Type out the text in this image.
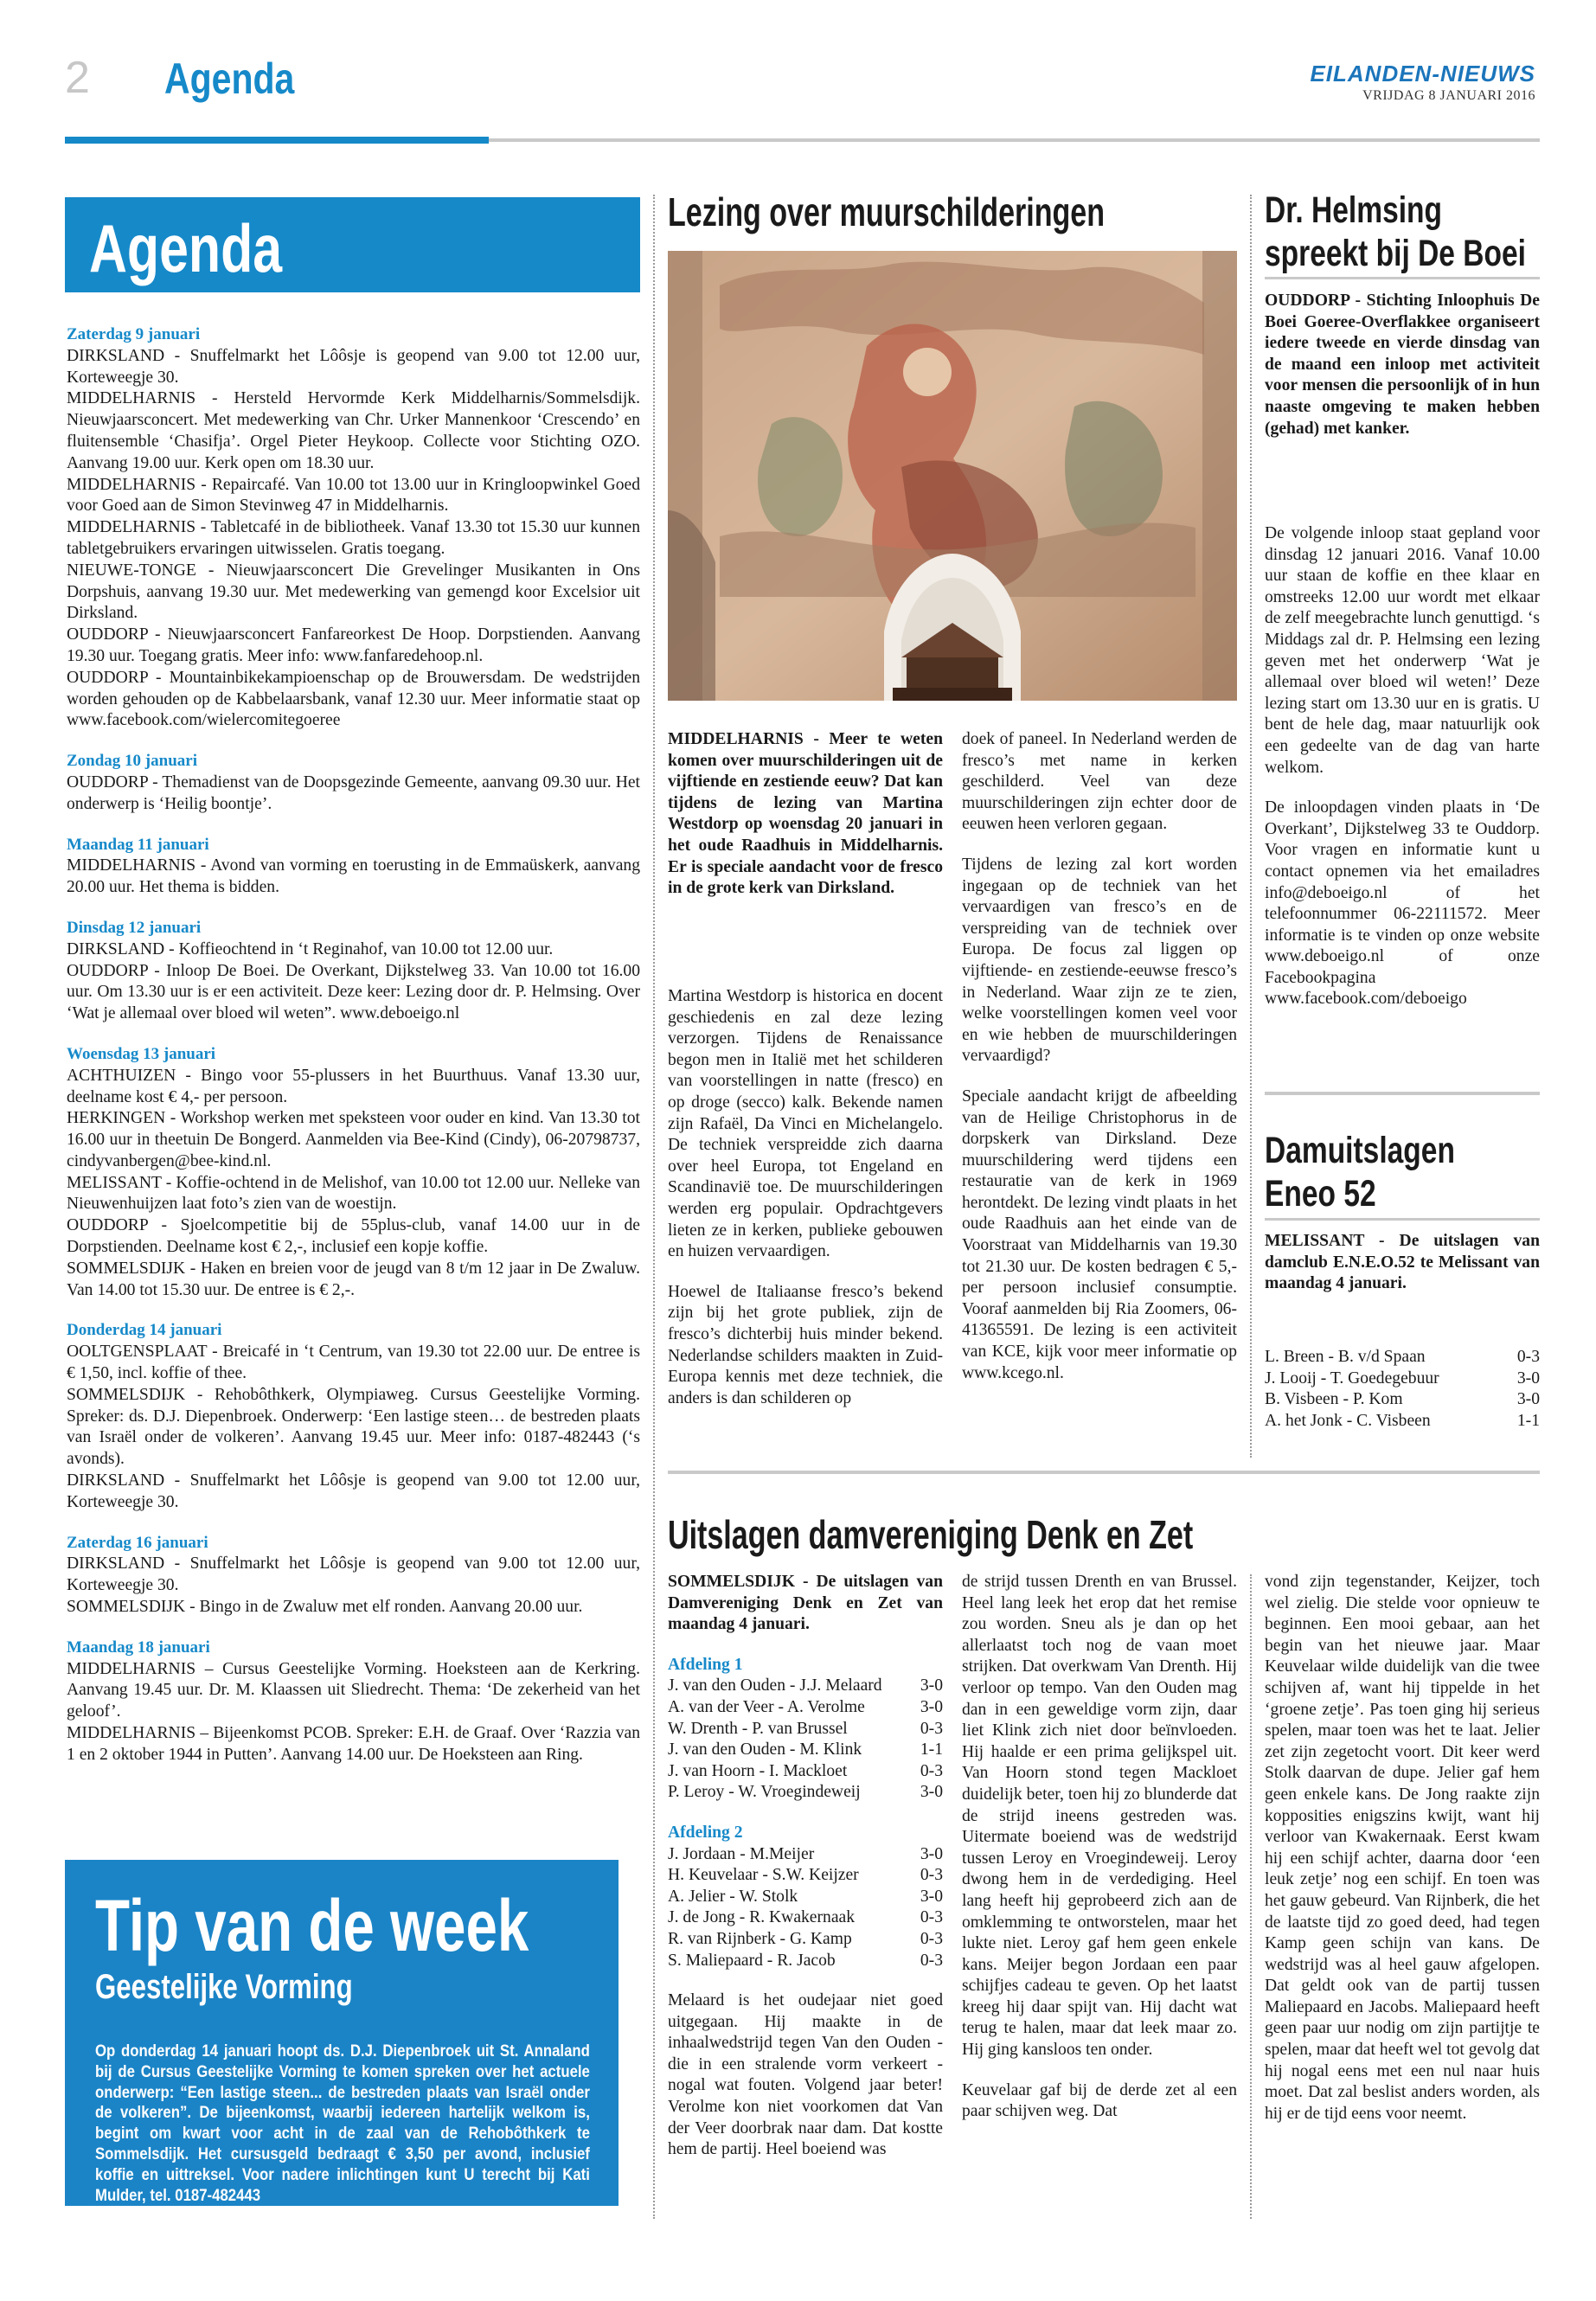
2 Agenda	EILANDEN-NIEUWS
VRIJDAG 8 JANUARI 2016
Agenda
Zaterdag 9 januari
DIRKSLAND - Snuffelmarkt het Lôôsje is geopend van 9.00 tot 12.00 uur, Korteweegje 30.
MIDDELHARNIS - Hersteld Hervormde Kerk Middelharnis/Sommelsdijk. Nieuwjaarsconcert. Met medewerking van Chr. Urker Mannenkoor ‘Crescendo’ en fluitensemble ‘Chasifja’. Orgel Pieter Heykoop. Collecte voor Stichting OZO. Aanvang 19.00 uur. Kerk open om 18.30 uur.
MIDDELHARNIS - Repaircafé. Van 10.00 tot 13.00 uur in Kringloopwinkel Goed voor Goed aan de Simon Stevinweg 47 in Middelharnis.
MIDDELHARNIS - Tabletcafé in de bibliotheek. Vanaf 13.30 tot 15.30 uur kunnen tabletgebruikers ervaringen uitwisselen. Gratis toegang.
NIEUWE-TONGE - Nieuwjaarsconcert Die Grevelinger Musikanten in Ons Dorpshuis, aanvang 19.30 uur. Met medewerking van gemengd koor Excelsior uit Dirksland.
OUDDORP - Nieuwjaarsconcert Fanfareorkest De Hoop. Dorpstienden. Aanvang 19.30 uur. Toegang gratis. Meer info: www.fanfaredehoop.nl.
OUDDORP - Mountainbikekampioenschap op de Brouwersdam. De wedstrijden worden gehouden op de Kabbelaarsbank, vanaf 12.30 uur. Meer informatie staat op www.facebook.com/wielercomitegoeree
Zondag 10 januari
OUDDORP - Themadienst van de Doopsgezinde Gemeente, aanvang 09.30 uur. Het onderwerp is ‘Heilig boontje’.
Maandag 11 januari
MIDDELHARNIS - Avond van vorming en toerusting in de Emmaüskerk, aanvang 20.00 uur. Het thema is bidden.
Dinsdag 12 januari
DIRKSLAND - Koffieochtend in ‘t Reginahof, van 10.00 tot 12.00 uur.
OUDDORP - Inloop De Boei. De Overkant, Dijkstelweg 33. Van 10.00 tot 16.00 uur. Om 13.30 uur is er een activiteit. Deze keer: Lezing door dr. P. Helmsing. Over ‘Wat je allemaal over bloed wil weten”. www.deboeigo.nl
Woensdag 13 januari
ACHTHUIZEN - Bingo voor 55-plussers in het Buurthuus. Vanaf 13.30 uur, deelname kost € 4,- per persoon.
HERKINGEN - Workshop werken met speksteen voor ouder en kind. Van 13.30 tot 16.00 uur in theetuin De Bongerd. Aanmelden via Bee-Kind (Cindy), 06-20798737, cindyvanbergen@bee-kind.nl.
MELISSANT - Koffie-ochtend in de Melishof, van 10.00 tot 12.00 uur. Nelleke van Nieuwenhuijzen laat foto’s zien van de woestijn.
OUDDORP - Sjoelcompetitie bij de 55plus-club, vanaf 14.00 uur in de Dorpstienden. Deelname kost € 2,-, inclusief een kopje koffie.
SOMMELSDIJK - Haken en breien voor de jeugd van 8 t/m 12 jaar in De Zwaluw. Van 14.00 tot 15.30 uur. De entree is € 2,-.
Donderdag 14 januari
OOLTGENSPLAAT - Breicafé in ‘t Centrum, van 19.30 tot 22.00 uur. De entree is € 1,50, incl. koffie of thee.
SOMMELSDIJK - Rehobôthkerk, Olympiaweg. Cursus Geestelijke Vorming. Spreker: ds. D.J. Diepenbroek. Onderwerp: ‘Een lastige steen… de bestreden plaats van Israël onder de volkeren’. Aanvang 19.45 uur. Meer info: 0187-482443 (‘s avonds).
DIRKSLAND - Snuffelmarkt het Lôôsje is geopend van 9.00 tot 12.00 uur, Korteweegje 30.
Zaterdag 16 januari
DIRKSLAND - Snuffelmarkt het Lôôsje is geopend van 9.00 tot 12.00 uur, Korteweegje 30.
SOMMELSDIJK - Bingo in de Zwaluw met elf ronden. Aanvang 20.00 uur.
Maandag 18 januari
MIDDELHARNIS – Cursus Geestelijke Vorming. Hoeksteen aan de Kerkring. Aanvang 19.45 uur. Dr. M. Klaassen uit Sliedrecht. Thema: ‘De zekerheid van het geloof’.
MIDDELHARNIS – Bijeenkomst PCOB. Spreker: E.H. de Graaf. Over ‘Razzia van 1 en 2 oktober 1944 in Putten’. Aanvang 14.00 uur. De Hoeksteen aan Ring.
Tip van de week
Geestelijke Vorming
Op donderdag 14 januari hoopt ds. D.J. Diepenbroek uit St. Annaland bij de Cursus Geestelijke Vorming te komen spreken over het actuele onderwerp: “Een lastige steen... de bestreden plaats van Israël onder de volkeren”. De bijeenkomst, waarbij iedereen hartelijk welkom is, begint om kwart voor acht in de zaal van de Rehobôthkerk te Sommelsdijk. Het cursusgeld bedraagt € 3,50 per avond, inclusief koffie en uittreksel. Voor nadere inlichtingen kunt U terecht bij Kati Mulder, tel. 0187-482443
Lezing over muurschilderingen
MIDDELHARNIS - Meer te weten komen over muurschilderingen uit de vijftiende en zestiende eeuw? Dat kan tijdens de lezing van Martina Westdorp op woensdag 20 januari in het oude Raadhuis in Middelharnis. Er is speciale aandacht voor de fresco in de grote kerk van Dirksland.
Martina Westdorp is historica en docent geschiedenis en zal deze lezing verzorgen. Tijdens de Renaissance begon men in Italië met het schilderen van voorstellingen in natte (fresco) en op droge (secco) kalk. Bekende namen zijn Rafaël, Da Vinci en Michelangelo. De techniek verspreidde zich daarna over heel Europa, tot Engeland en Scandinavië toe. De muurschilderingen werden erg populair. Opdrachtgevers lieten ze in kerken, publieke gebouwen en huizen vervaardigen.
Hoewel de Italiaanse fresco’s bekend zijn bij het grote publiek, zijn de fresco’s dichterbij huis minder bekend. Nederlandse schilders maakten in Zuid-Europa kennis met deze techniek, die anders is dan schilderen op
doek of paneel. In Nederland werden de fresco’s met name in kerken geschilderd. Veel van deze muurschilderingen zijn echter door de eeuwen heen verloren gegaan.
Tijdens de lezing zal kort worden ingegaan op de techniek van het vervaardigen van fresco’s en de verspreiding van de techniek over Europa. De focus zal liggen op vijftiende- en zestiende-eeuwse fresco’s in Nederland. Waar zijn ze te zien, welke voorstellingen komen veel voor en wie hebben de muurschilderingen vervaardigd?
Speciale aandacht krijgt de afbeelding van de Heilige Christophorus in de dorpskerk van Dirksland. Deze muurschildering werd tijdens een restauratie van de kerk in 1969 herontdekt. De lezing vindt plaats in het oude Raadhuis aan het einde van de Voorstraat van Middelharnis van 19.30 tot 21.30 uur. De kosten bedragen € 5,- per persoon inclusief consumptie. Vooraf aanmelden bij Ria Zoomers, 06-41365591. De lezing is een activiteit van KCE, kijk voor meer informatie op www.kcego.nl.
Dr. Helmsing
spreekt bij De Boei
OUDDORP - Stichting Inloophuis De Boei Goeree-Overflakkee organiseert iedere tweede en vierde dinsdag van de maand een inloop met activiteit voor mensen die persoonlijk of in hun naaste omgeving te maken hebben (gehad) met kanker.
De volgende inloop staat gepland voor dinsdag 12 januari 2016. Vanaf 10.00 uur staan de koffie en thee klaar en omstreeks 12.00 uur wordt met elkaar de zelf meegebrachte lunch genuttigd. ‘s Middags zal dr. P. Helmsing een lezing geven met het onderwerp ‘Wat je allemaal over bloed wil weten!’ Deze lezing start om 13.30 uur en is gratis. U bent de hele dag, maar natuurlijk ook een gedeelte van de dag van harte welkom.
De inloopdagen vinden plaats in ‘De Overkant’, Dijkstelweg 33 te Ouddorp. Voor vragen en informatie kunt u contact opnemen via het emailadres info@deboeigo.nl of het telefoonnummer 06-22111572. Meer informatie is te vinden op onze website www.deboeigo.nl of onze Facebookpagina www.facebook.com/deboeigo
Damuitslagen
Eneo 52
MELISSANT - De uitslagen van damclub E.N.E.O.52 te Melissant van maandag 4 januari.
L. Breen - B. v/d Spaan	0-3
J. Looij - T. Goedegebuur	3-0
B. Visbeen - P. Kom	3-0
A. het Jonk - C. Visbeen	1-1
Uitslagen damvereniging Denk en Zet
SOMMELSDIJK - De uitslagen van Damvereniging Denk en Zet van maandag 4 januari.
Afdeling 1
J. van den Ouden - J.J. Melaard 3-0
A. van der Veer - A. Verolme	3-0
W. Drenth - P. van Brussel	0-3
J. van den Ouden - M. Klink	1-1
J. van Hoorn - I. Mackloet	0-3
P. Leroy - W. Vroegindeweij	3-0
Afdeling 2
J. Jordaan - M.Meijer	3-0
H. Keuvelaar - S.W. Keijzer	0-3
A. Jelier - W. Stolk	3-0
J. de Jong - R. Kwakernaak	0-3
R. van Rijnberk - G. Kamp	0-3
S. Maliepaard - R. Jacob	0-3
Melaard is het oudejaar niet goed uitgegaan. Hij maakte in de inhaalwedstrijd tegen Van den Ouden - die in een stralende vorm verkeert - nogal wat fouten. Volgend jaar beter! Verolme kon niet voorkomen dat Van der Veer doorbrak naar dam. Dat kostte hem de partij. Heel boeiend was
de strijd tussen Drenth en van Brussel. Heel lang leek het erop dat het remise zou worden. Sneu als je dan op het allerlaatst toch nog de vaan moet strijken. Dat overkwam Van Drenth. Hij verloor op tempo. Van den Ouden mag dan in een geweldige vorm zijn, daar liet Klink zich niet door beïnvloeden. Hij haalde er een prima gelijkspel uit. Van Hoorn stond tegen Mackloet duidelijk beter, toen hij zo blunderde dat de strijd ineens gestreden was. Uitermate boeiend was de wedstrijd tussen Leroy en Vroegindeweij. Leroy dwong hem in de verdediging. Heel lang heeft hij geprobeerd zich aan de omklemming te ontworstelen, maar het lukte niet. Leroy gaf hem geen enkele kans. Meijer begon Jordaan een paar schijfjes cadeau te geven. Op het laatst kreeg hij daar spijt van. Hij dacht wat terug te halen, maar dat leek maar zo. Hij ging kansloos ten onder.
Keuvelaar gaf bij de derde zet al een paar schijven weg. Dat
vond zijn tegenstander, Keijzer, toch wel zielig. Die stelde voor opnieuw te beginnen. Een mooi gebaar, aan het begin van het nieuwe jaar. Maar Keuvelaar wilde duidelijk van die twee schijven af, want hij tippelde in het ‘groene zetje’. Pas toen ging hij serieus spelen, maar toen was het te laat. Jelier zet zijn zegetocht voort. Dit keer werd Stolk daarvan de dupe. Jelier gaf hem geen enkele kans. De Jong raakte zijn kopposities enigszins kwijt, want hij verloor van Kwakernaak. Eerst kwam hij een schijf achter, daarna door ‘een leuk zetje’ nog een schijf. En toen was het gauw gebeurd. Van Rijnberk, die het de laatste tijd zo goed deed, had tegen Kamp geen schijn van kans. De wedstrijd was al heel gauw afgelopen. Dat geldt ook van de partij tussen Maliepaard en Jacobs. Maliepaard heeft geen paar uur nodig om zijn partijtje te spelen, maar dat heeft wel tot gevolg dat hij nogal eens met een nul naar huis moet. Dat zal beslist anders worden, als hij er de tijd eens voor neemt.
